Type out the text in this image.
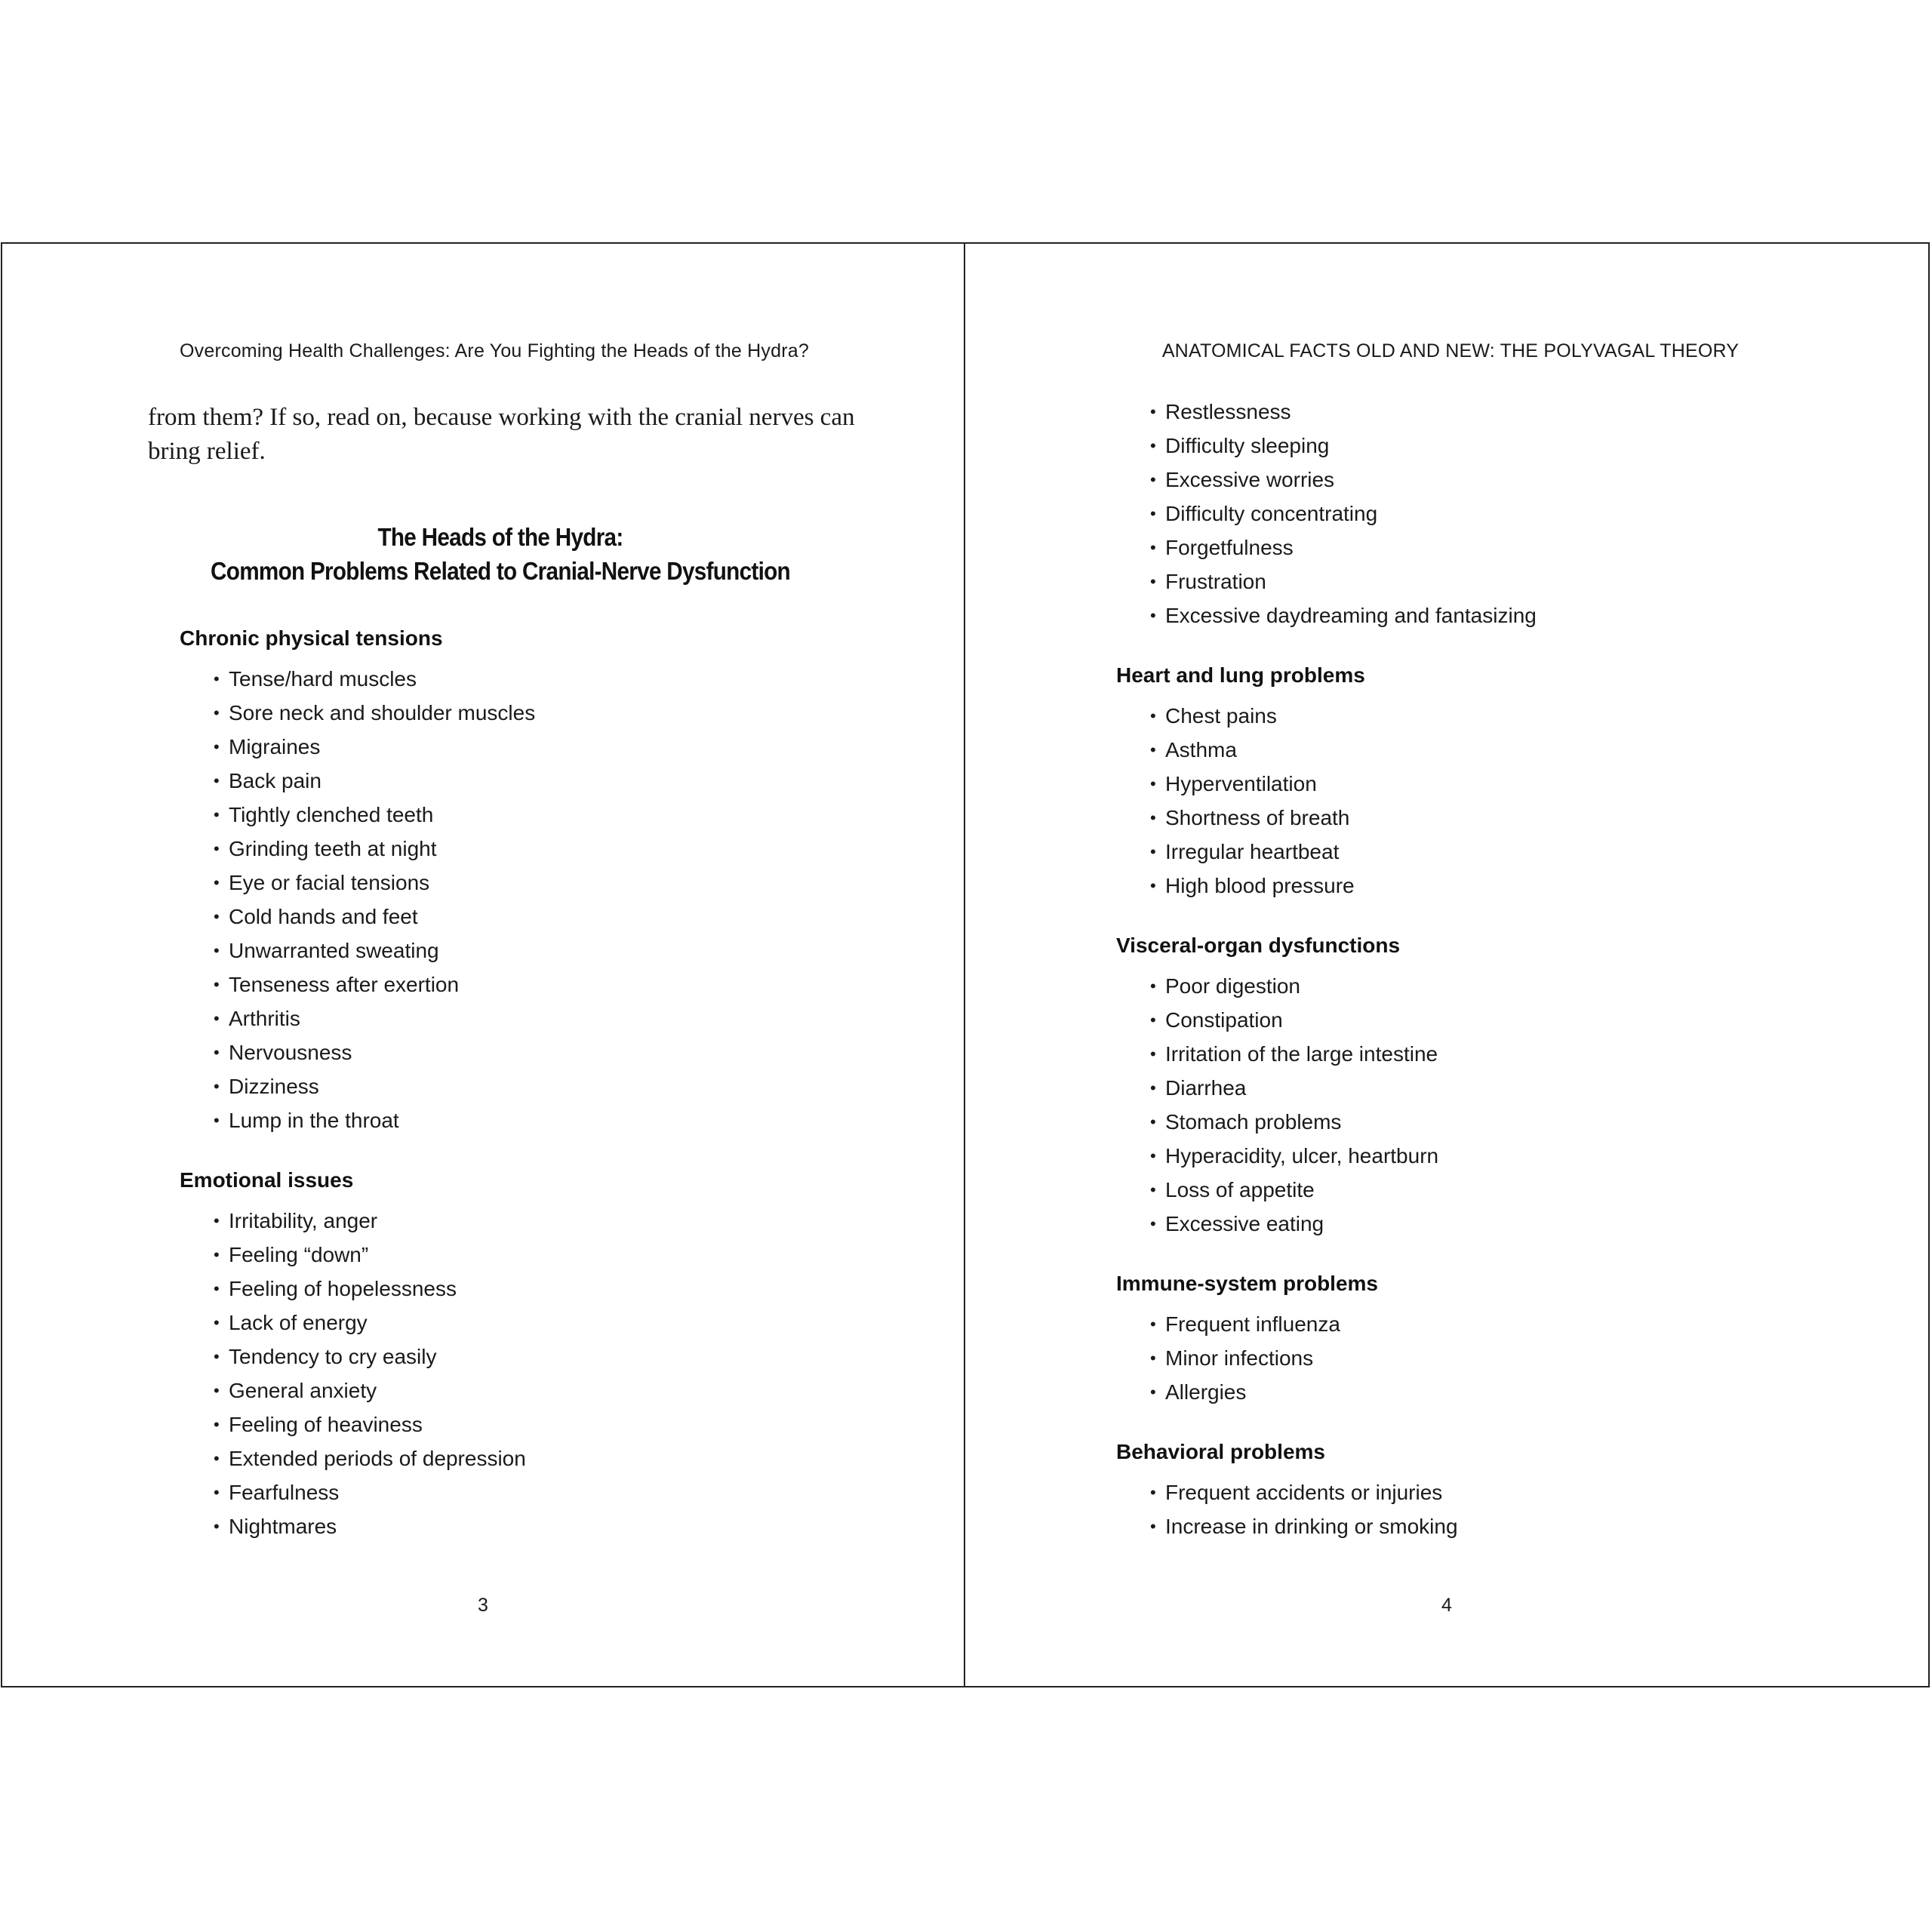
Overcoming Health Challenges: Are You Fighting the Heads of the Hydra?

from them? If so, read on, because working with the cranial nerves can bring relief.

The Heads of the Hydra:
Common Problems Related to Cranial-Nerve Dysfunction
Chronic physical tensions
• Tense/hard muscles
• Sore neck and shoulder muscles
• Migraines
• Back pain
• Tightly clenched teeth
• Grinding teeth at night
• Eye or facial tensions
• Cold hands and feet
• Unwarranted sweating
• Tenseness after exertion
• Arthritis
• Nervousness
• Dizziness
• Lump in the throat
Emotional issues
• Irritability, anger
• Feeling “down”
• Feeling of hopelessness
• Lack of energy
• Tendency to cry easily
• General anxiety
• Feeling of heaviness
• Extended periods of depression
• Fearfulness
• Nightmares
3
ANATOMICAL FACTS OLD AND NEW: THE POLYVAGAL THEORY
• Restlessness
• Difficulty sleeping
• Excessive worries
• Difficulty concentrating
• Forgetfulness
• Frustration
• Excessive daydreaming and fantasizing
Heart and lung problems
• Chest pains
• Asthma
• Hyperventilation
• Shortness of breath
• Irregular heartbeat
• High blood pressure
Visceral-organ dysfunctions
• Poor digestion
• Constipation
• Irritation of the large intestine
• Diarrhea
• Stomach problems
• Hyperacidity, ulcer, heartburn
• Loss of appetite
• Excessive eating
Immune-system problems
• Frequent influenza
• Minor infections
• Allergies
Behavioral problems
• Frequent accidents or injuries
• Increase in drinking or smoking
4
